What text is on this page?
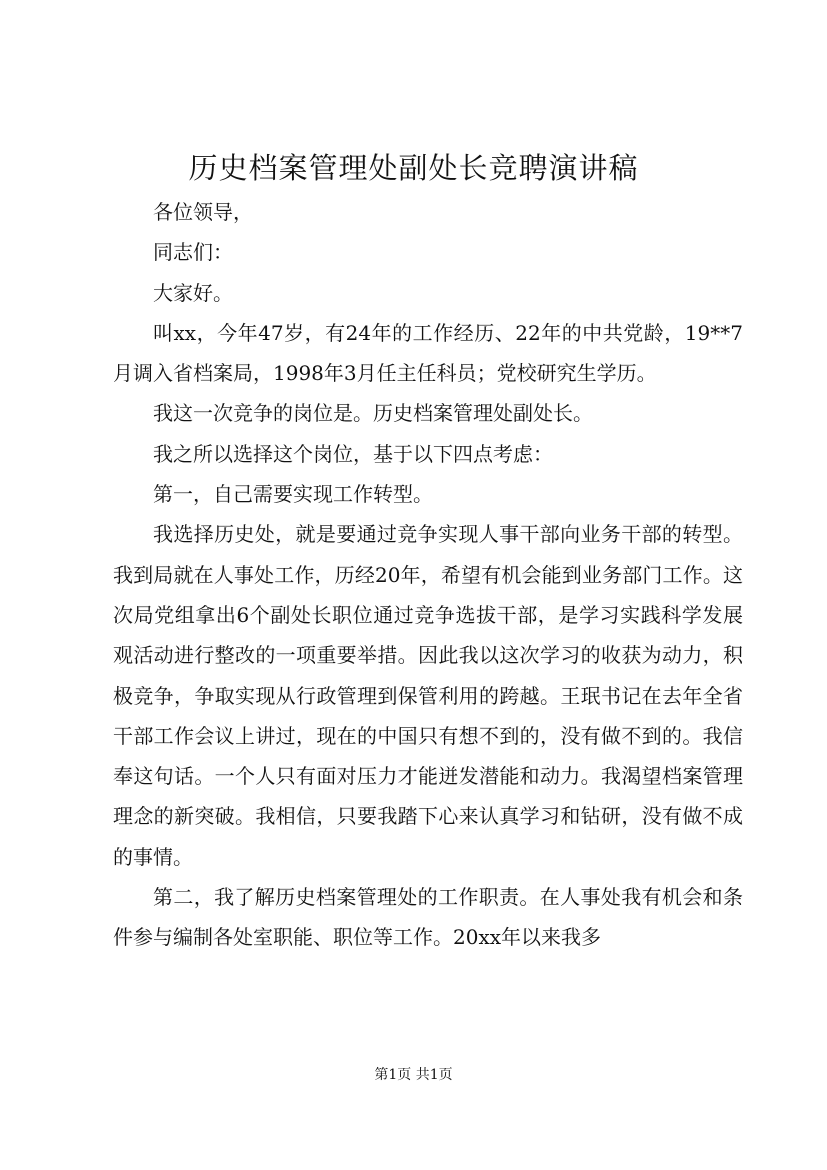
历史档案管理处副处长竞聘演讲稿

各位领导，

同志们：

大家好。

叫xx，今年47岁，有24年的工作经历、22年的中共党龄，19**7月调入省档案局，1998年3月任主任科员；党校研究生学历。

我这一次竞争的岗位是。历史档案管理处副处长。

我之所以选择这个岗位，基于以下四点考虑：

第一，自己需要实现工作转型。

我选择历史处，就是要通过竞争实现人事干部向业务干部的转型。我到局就在人事处工作，历经20年，希望有机会能到业务部门工作。这次局党组拿出6个副处长职位通过竞争选拔干部，是学习实践科学发展观活动进行整改的一项重要举措。因此我以这次学习的收获为动力，积极竞争，争取实现从行政管理到保管利用的跨越。王珉书记在去年全省干部工作会议上讲过，现在的中国只有想不到的，没有做不到的。我信奉这句话。一个人只有面对压力才能迸发潜能和动力。我渴望档案管理理念的新突破。我相信，只要我踏下心来认真学习和钻研，没有做不成的事情。

第二，我了解历史档案管理处的工作职责。在人事处我有机会和条件参与编制各处室职能、职位等工作。20xx年以来我多

第1页 共1页
